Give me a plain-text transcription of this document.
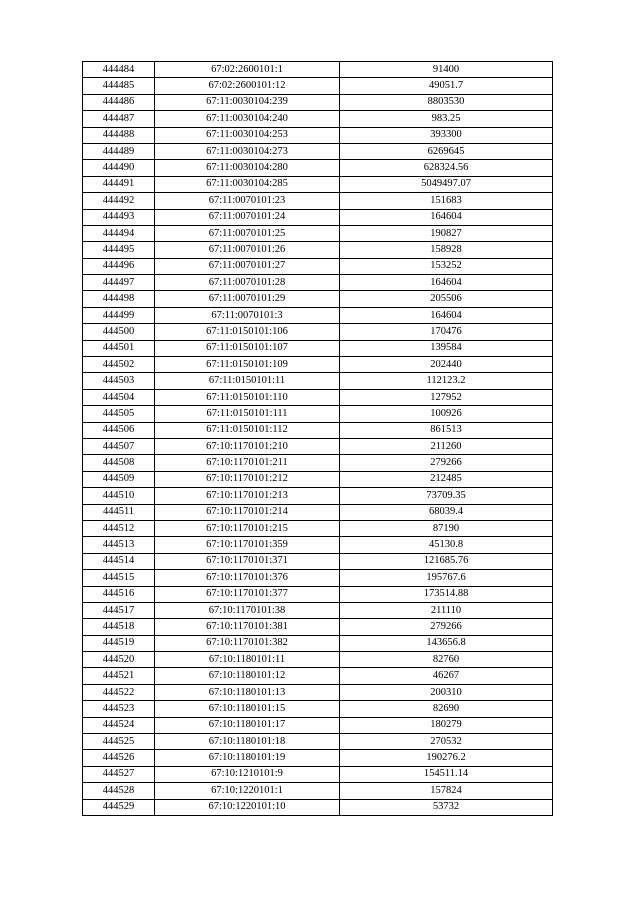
444484	67:02:2600101:1	91400
444485	67:02:2600101:12	49051.7
444486	67:11:0030104:239	8803530
444487	67:11:0030104:240	983.25
444488	67:11:0030104:253	393300
444489	67:11:0030104:273	6269645
444490	67:11:0030104:280	628324.56
444491	67:11:0030104:285	5049497.07
444492	67:11:0070101:23	151683
444493	67:11:0070101:24	164604
444494	67:11:0070101:25	190827
444495	67:11:0070101:26	158928
444496	67:11:0070101:27	153252
444497	67:11:0070101:28	164604
444498	67:11:0070101:29	205506
444499	67:11:0070101:3	164604
444500	67:11:0150101:106	170476
444501	67:11:0150101:107	139584
444502	67:11:0150101:109	202440
444503	67:11:0150101:11	112123.2
444504	67:11:0150101:110	127952
444505	67:11:0150101:111	100926
444506	67:11:0150101:112	861513
444507	67:10:1170101:210	211260
444508	67:10:1170101:211	279266
444509	67:10:1170101:212	212485
444510	67:10:1170101:213	73709.35
444511	67:10:1170101:214	68039.4
444512	67:10:1170101:215	87190
444513	67:10:1170101:359	45130.8
444514	67:10:1170101:371	121685.76
444515	67:10:1170101:376	195767.6
444516	67:10:1170101:377	173514.88
444517	67:10:1170101:38	211110
444518	67:10:1170101:381	279266
444519	67:10:1170101:382	143656.8
444520	67:10:1180101:11	82760
444521	67:10:1180101:12	46267
444522	67:10:1180101:13	200310
444523	67:10:1180101:15	82690
444524	67:10:1180101:17	180279
444525	67:10:1180101:18	270532
444526	67:10:1180101:19	190276.2
444527	67:10:1210101:9	154511.14
444528	67:10:1220101:1	157824
444529	67:10:1220101:10	53732
